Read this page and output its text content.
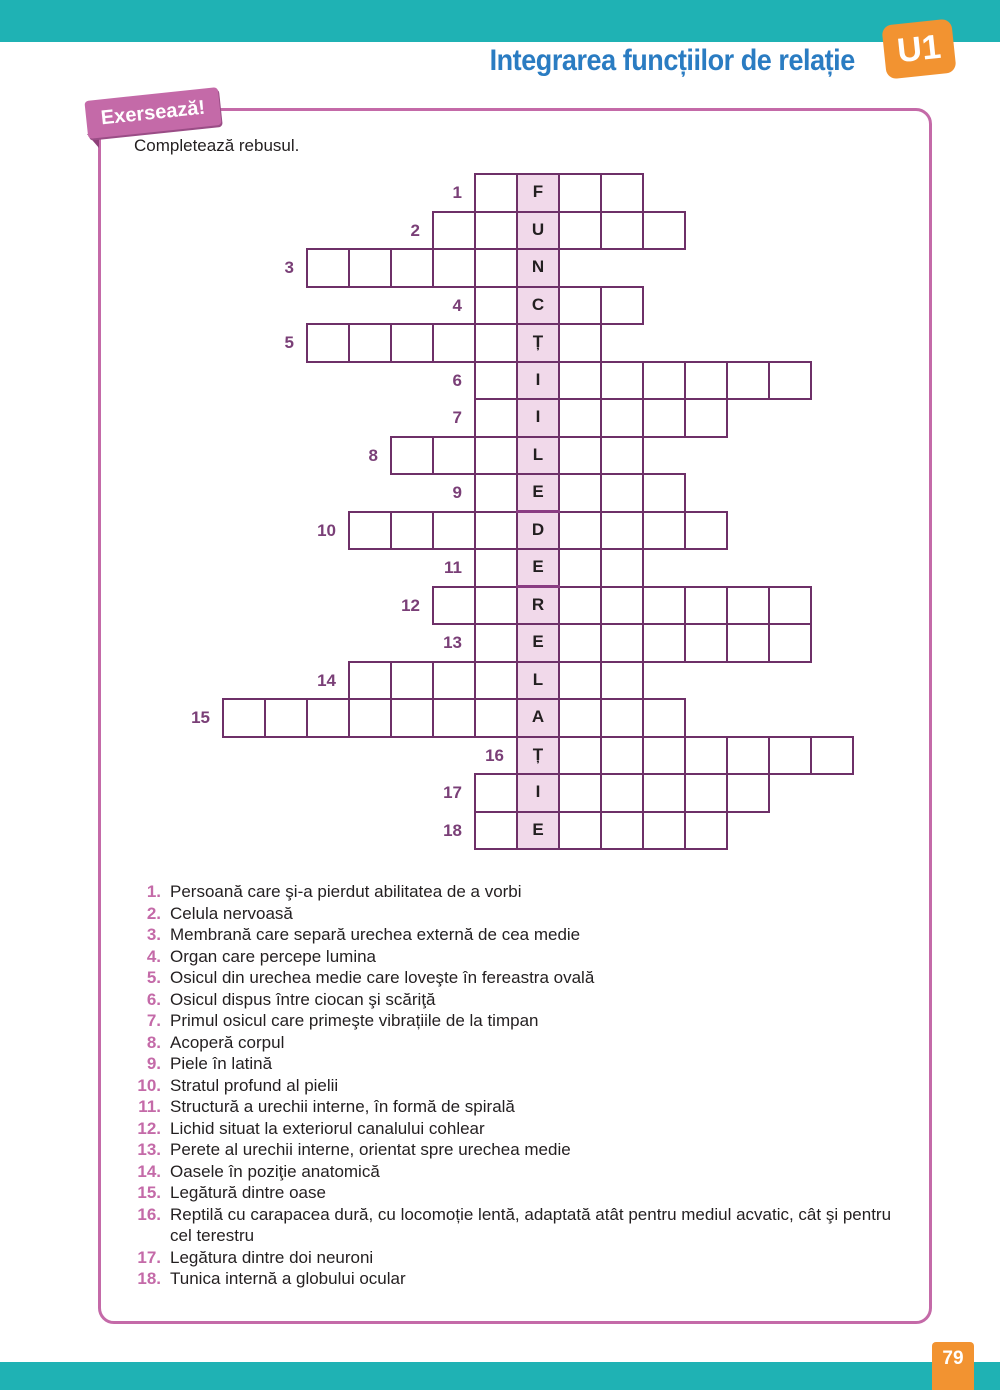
Integrarea funcțiilor de relație	U1
Exersează!
Completează rebusul.
F
1
U
2
N
3
C
4
Ț
5
I
6
I
7
L
8
E
9
D
10
E
11
R
12
E
13
L
14
A
15
Ț
16
I
17
E
18
1. Persoană care şi-a pierdut abilitatea de a vorbi
2. Celula nervoasă
3. Membrană care separă urechea externă de cea medie
4. Organ care percepe lumina
5. Osicul din urechea medie care loveşte în fereastra ovală
6. Osicul dispus între ciocan şi scăriţă
7. Primul osicul care primeşte vibrațiile de la timpan
8. Acoperă corpul
9. Piele în latină
10. Stratul profund al pielii
11. Structură a urechii interne, în formă de spirală
12. Lichid situat la exteriorul canalului cohlear
13. Perete al urechii interne, orientat spre urechea medie
14. Oasele în poziţie anatomică
15. Legătură dintre oase
16. Reptilă cu carapacea dură, cu locomoție lentă, adaptată atât pentru mediul acvatic, cât şi pentru cel terestru
17. Legătura dintre doi neuroni
18. Tunica internă a globului ocular
79
